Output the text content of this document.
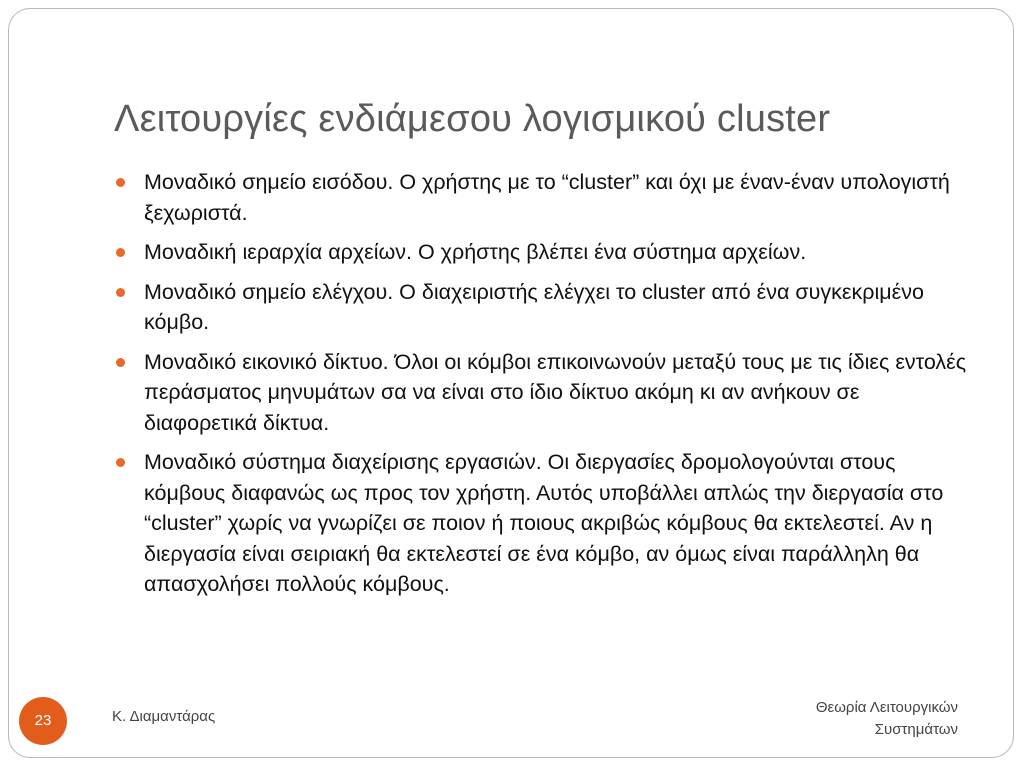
Λειτουργίες ενδιάμεσου λογισμικού cluster
Μοναδικό σημείο εισόδου. Ο χρήστης με το “cluster” και όχι με έναν-έναν υπολογιστή ξεχωριστά.
Μοναδική ιεραρχία αρχείων. Ο χρήστης βλέπει ένα σύστημα αρχείων.
Μοναδικό σημείο ελέγχου. Ο διαχειριστής ελέγχει το cluster από ένα συγκεκριμένο κόμβο.
Μοναδικό εικονικό δίκτυο. Όλοι οι κόμβοι επικοινωνούν μεταξύ τους με τις ίδιες εντολές περάσματος μηνυμάτων σα να είναι στο ίδιο δίκτυο ακόμη κι αν ανήκουν σε διαφορετικά δίκτυα.
Μοναδικό σύστημα διαχείρισης εργασιών. Οι διεργασίες δρομολογούνται στους κόμβους διαφανώς ως προς τον χρήστη. Αυτός υποβάλλει απλώς την διεργασία στο “cluster” χωρίς να γνωρίζει σε ποιον ή ποιους ακριβώς κόμβους θα εκτελεστεί. Αν η διεργασία είναι σειριακή θα εκτελεστεί σε ένα κόμβο, αν όμως είναι παράλληλη θα απασχολήσει πολλούς κόμβους.
23	Κ. Διαμαντάρας
Θεωρία Λειτουργικών
Συστημάτων
